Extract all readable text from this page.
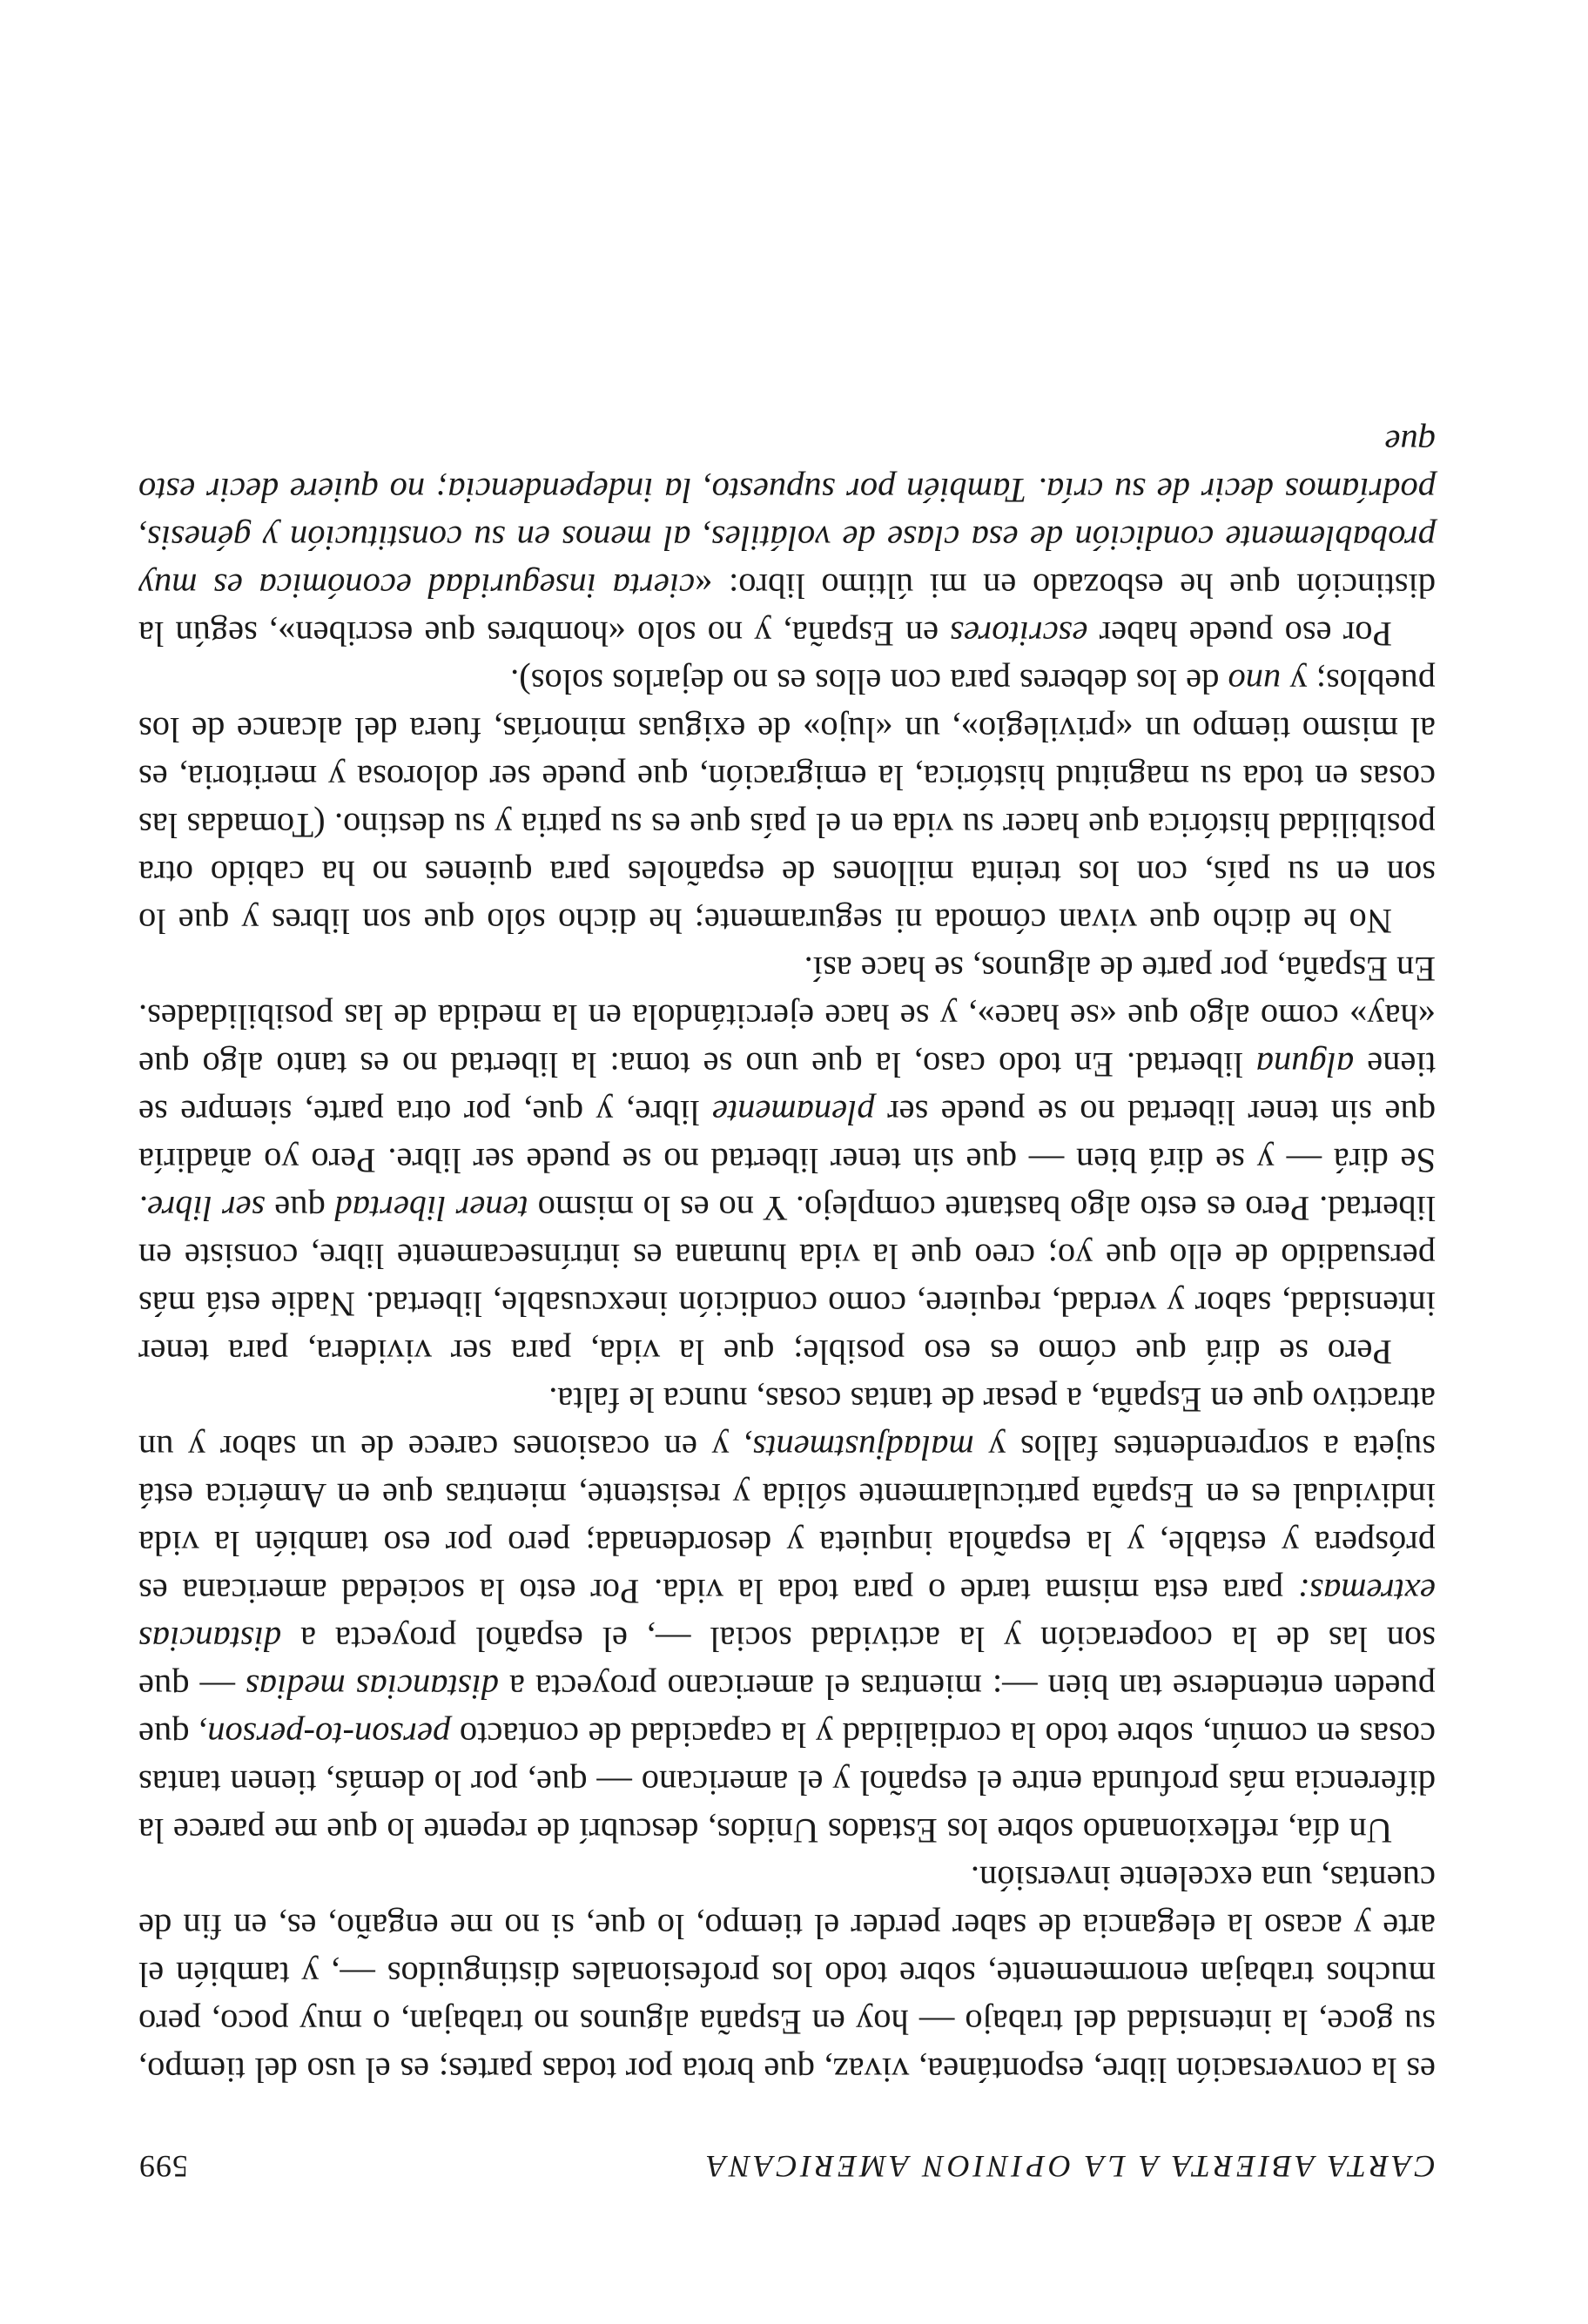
CARTA ABIERTA A LA OPINION AMERICANA
599

es la conversación libre, espontánea, vivaz, que brota por todas partes; es el uso del tiempo, su goce, la intensidad del trabajo — hoy en España algunos no trabajan, o muy poco, pero muchos trabajan enormemente, sobre todo los profesionales distinguidos —, y también el arte y acaso la elegancia de saber perder el tiempo, lo que, si no me engaño, es, en fin de cuentas, una excelente inversión.

Un día, reflexionando sobre los Estados Unidos, descubrí de repente lo que me parece la diferencia más profunda entre el español y el americano — que, por lo demás, tienen tantas cosas en común, sobre todo la cordialidad y la capacidad de contacto person-to-person, que pueden entenderse tan bien —: mientras el americano proyecta a distancias medias — que son las de la cooperación y la actividad social —, el español proyecta a distancias extremas: para esta misma tarde o para toda la vida. Por esto la sociedad americana es próspera y estable, y la española inquieta y desordenada; pero por eso también la vida individual es en España particularmente sólida y resistente, mientras que en América está sujeta a sorprendentes fallos y maladjustments, y en ocasiones carece de un sabor y un atractivo que en España, a pesar de tantas cosas, nunca le falta.

Pero se dirá que cómo es eso posible; que la vida, para ser vividera, para tener intensidad, sabor y verdad, requiere, como condición inexcusable, libertad. Nadie está más persuadido de ello que yo; creo que la vida humana es intrínsecamente libre, consiste en libertad. Pero es esto algo bastante complejo. Y no es lo mismo tener libertad que ser libre. Se dirá — y se dirá bien — que sin tener libertad no se puede ser libre. Pero yo añadiría que sin tener libertad no se puede ser plenamente libre, y que, por otra parte, siempre se tiene alguna libertad. En todo caso, la que uno se toma: la libertad no es tanto algo que «hay» como algo que «se hace», y se hace ejercitándola en la medida de las posibilidades. En España, por parte de algunos, se hace así.

No he dicho que vivan cómoda ni seguramente; he dicho sólo que son libres y que lo son en su país, con los treinta millones de españoles para quienes no ha cabido otra posibilidad histórica que hacer su vida en el país que es su patria y su destino. (Tomadas las cosas en toda su magnitud histórica, la emigración, que puede ser dolorosa y meritoria, es al mismo tiempo un «privilegio», un «lujo» de exiguas minorías, fuera del alcance de los pueblos; y uno de los deberes para con ellos es no dejarlos solos).

Por eso puede haber escritores en España, y no solo «hombres que escriben», según la distinción que he esbozado en mi último libro: «cierta inseguridad económica es muy probablemente condición de esa clase de volátiles, al menos en su constitución y génesis, podríamos decir de su cría. También por supuesto, la independencia; no quiere decir esto que
